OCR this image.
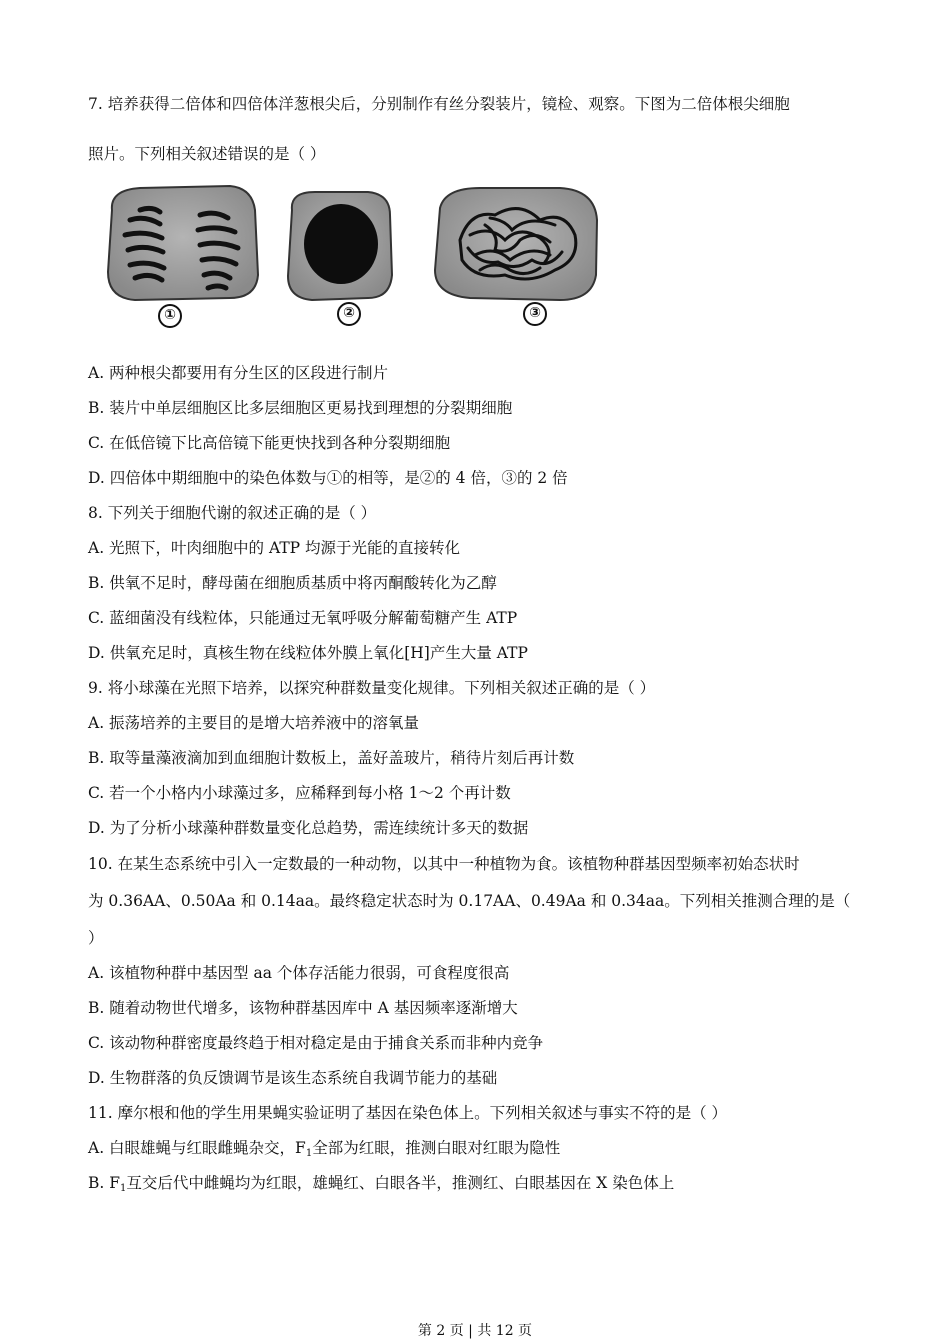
7. 培养获得二倍体和四倍体洋葱根尖后，分别制作有丝分裂装片，镜检、观察。下图为二倍体根尖细胞
照片。下列相关叙述错误的是（ ）
①	②	③
A. 两种根尖都要用有分生区的区段进行制片
B. 装片中单层细胞区比多层细胞区更易找到理想的分裂期细胞
C. 在低倍镜下比高倍镜下能更快找到各种分裂期细胞
D. 四倍体中期细胞中的染色体数与①的相等，是②的 4 倍，③的 2 倍
8. 下列关于细胞代谢的叙述正确的是（ ）
A. 光照下，叶肉细胞中的 ATP 均源于光能的直接转化
B. 供氧不足时，酵母菌在细胞质基质中将丙酮酸转化为乙醇
C. 蓝细菌没有线粒体，只能通过无氧呼吸分解葡萄糖产生 ATP
D. 供氧充足时，真核生物在线粒体外膜上氧化[H]产生大量 ATP
9. 将小球藻在光照下培养，以探究种群数量变化规律。下列相关叙述正确的是（ ）
A. 振荡培养的主要目的是增大培养液中的溶氧量
B. 取等量藻液滴加到血细胞计数板上，盖好盖玻片，稍待片刻后再计数
C. 若一个小格内小球藻过多，应稀释到每小格 1～2 个再计数
D. 为了分析小球藻种群数量变化总趋势，需连续统计多天的数据
10. 在某生态系统中引入一定数最的一种动物，以其中一种植物为食。该植物种群基因型频率初始态状时
为 0.36AA、0.50Aa 和 0.14aa。最终稳定状态时为 0.17AA、0.49Aa 和 0.34aa。下列相关推测合理的是（
）
A. 该植物种群中基因型 aa 个体存活能力很弱，可食程度很高
B. 随着动物世代增多，该物种群基因库中 A 基因频率逐渐增大
C. 该动物种群密度最终趋于相对稳定是由于捕食关系而非种内竞争
D. 生物群落的负反馈调节是该生态系统自我调节能力的基础
11. 摩尔根和他的学生用果蝇实验证明了基因在染色体上。下列相关叙述与事实不符的是（ ）
A. 白眼雄蝇与红眼雌蝇杂交，$F_1$全部为红眼，推测白眼对红眼为隐性
B. $F_1$互交后代中雌蝇均为红眼，雄蝇红、白眼各半，推测红、白眼基因在 X 染色体上
第 2 页 | 共 12 页
